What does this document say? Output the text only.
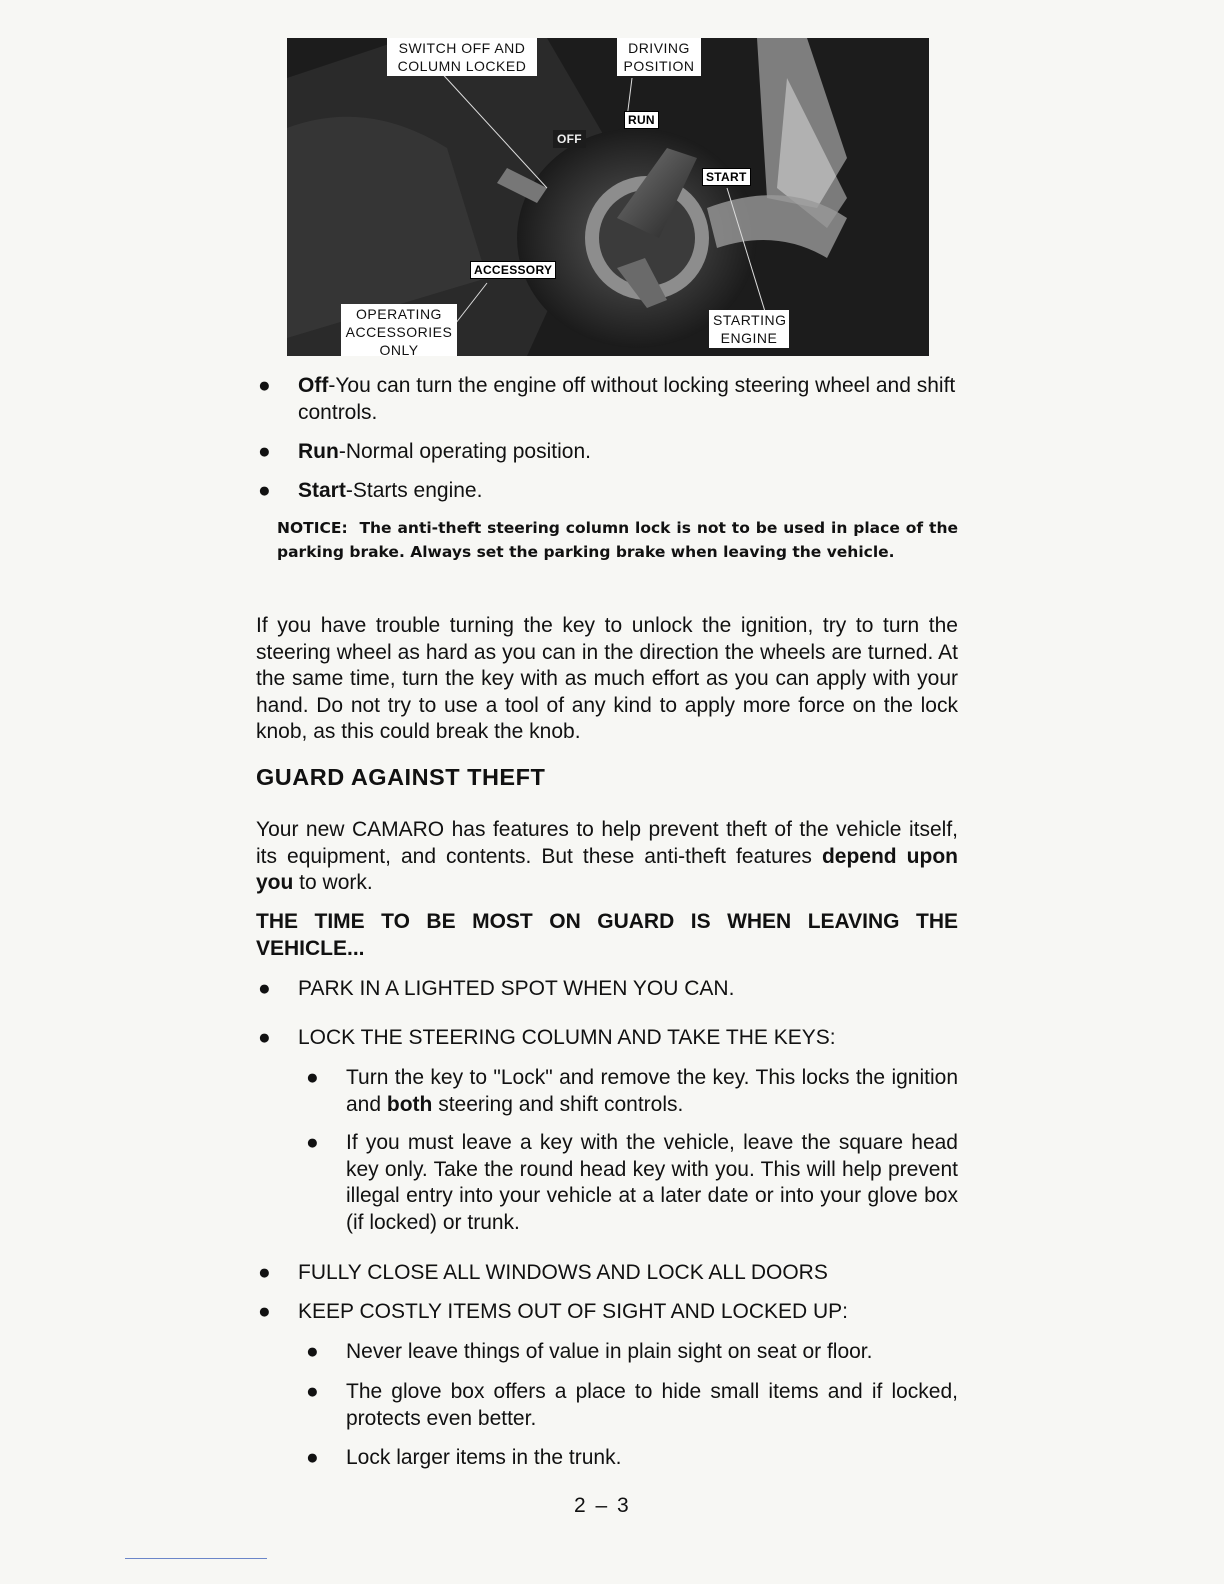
SWITCH OFF AND COLUMN LOCKED
DRIVING POSITION
OPERATING ACCESSORIES ONLY
STARTING ENGINE
RUN
OFF
START
ACCESSORY
● Off-You can turn the engine off without locking steering wheel and shift controls.
● Run-Normal operating position.
● Start-Starts engine.
NOTICE: The anti-theft steering column lock is not to be used in place of the parking brake. Always set the parking brake when leaving the vehicle.
If you have trouble turning the key to unlock the ignition, try to turn the steering wheel as hard as you can in the direction the wheels are turned. At the same time, turn the key with as much effort as you can apply with your hand. Do not try to use a tool of any kind to apply more force on the lock knob, as this could break the knob.
GUARD AGAINST THEFT
Your new CAMARO has features to help prevent theft of the vehicle itself, its equipment, and contents. But these anti-theft features depend upon you to work.
THE TIME TO BE MOST ON GUARD IS WHEN LEAVING THE VEHICLE...
● PARK IN A LIGHTED SPOT WHEN YOU CAN.
● LOCK THE STEERING COLUMN AND TAKE THE KEYS:
● Turn the key to "Lock" and remove the key. This locks the ignition and both steering and shift controls.
● If you must leave a key with the vehicle, leave the square head key only. Take the round head key with you. This will help prevent illegal entry into your vehicle at a later date or into your glove box (if locked) or trunk.
● FULLY CLOSE ALL WINDOWS AND LOCK ALL DOORS
● KEEP COSTLY ITEMS OUT OF SIGHT AND LOCKED UP:
● Never leave things of value in plain sight on seat or floor.
● The glove box offers a place to hide small items and if locked, protects even better.
● Lock larger items in the trunk.
2 – 3
